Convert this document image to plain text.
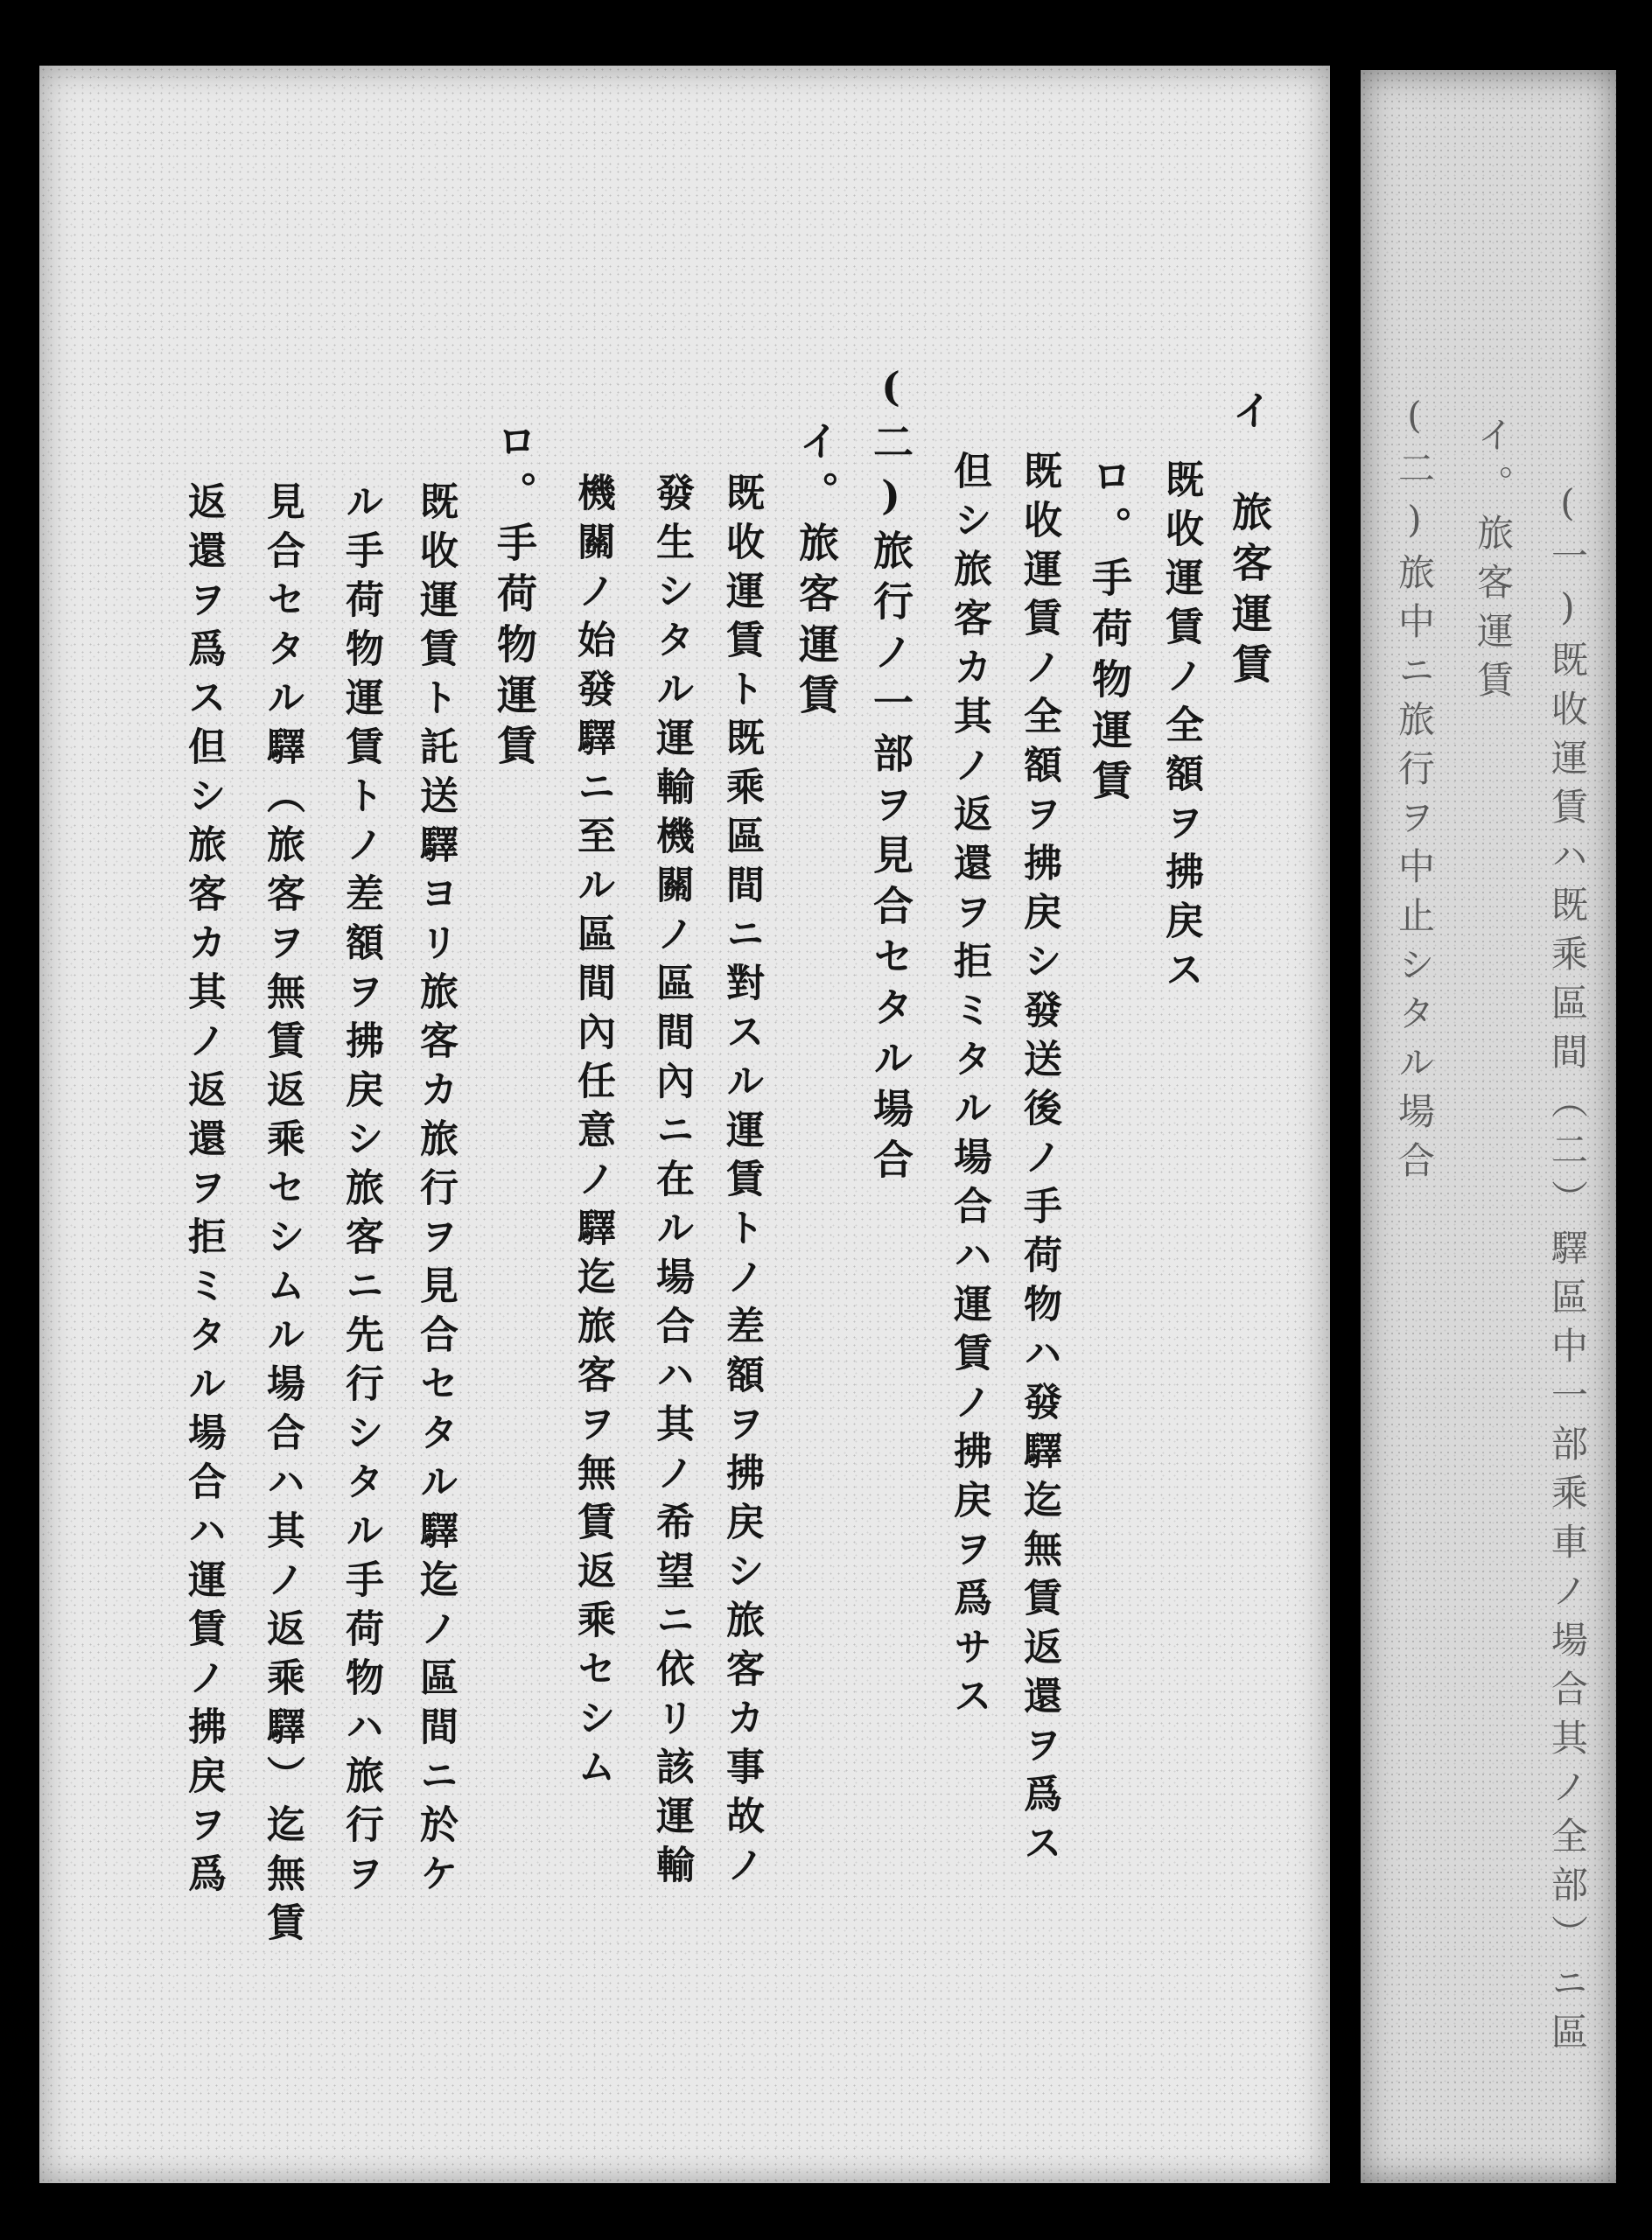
イ　旅客運賃
既收運賃ノ全額ヲ拂戻ス
ロ。手荷物運賃
既收運賃ノ全額ヲ拂戻シ發送後ノ手荷物ハ發驛迄無賃返還ヲ爲ス
但シ旅客カ其ノ返還ヲ拒ミタル場合ハ運賃ノ拂戻ヲ爲サス
(二)旅行ノ一部ヲ見合セタル場合
イ。旅客運賃
既收運賃ト既乘區間ニ對スル運賃トノ差額ヲ拂戻シ旅客カ事故ノ
發生シタル運輸機關ノ區間內ニ在ル場合ハ其ノ希望ニ依リ該運輸
機關ノ始發驛ニ至ル區間內任意ノ驛迄旅客ヲ無賃返乘セシム
ロ。手荷物運賃
既收運賃ト託送驛ヨリ旅客カ旅行ヲ見合セタル驛迄ノ區間ニ於ケ
ル手荷物運賃トノ差額ヲ拂戻シ旅客ニ先行シタル手荷物ハ旅行ヲ
見合セタル驛（旅客ヲ無賃返乘セシムル場合ハ其ノ返乘驛）迄無賃
返還ヲ爲ス但シ旅客カ其ノ返還ヲ拒ミタル場合ハ運賃ノ拂戻ヲ爲	(一)既收運賃ハ既乘區間（二）驛區中一部乘車ノ場合其ノ全部）ニ區
イ。旅客運賃
(二)旅中ニ旅行ヲ中止シタル場合
